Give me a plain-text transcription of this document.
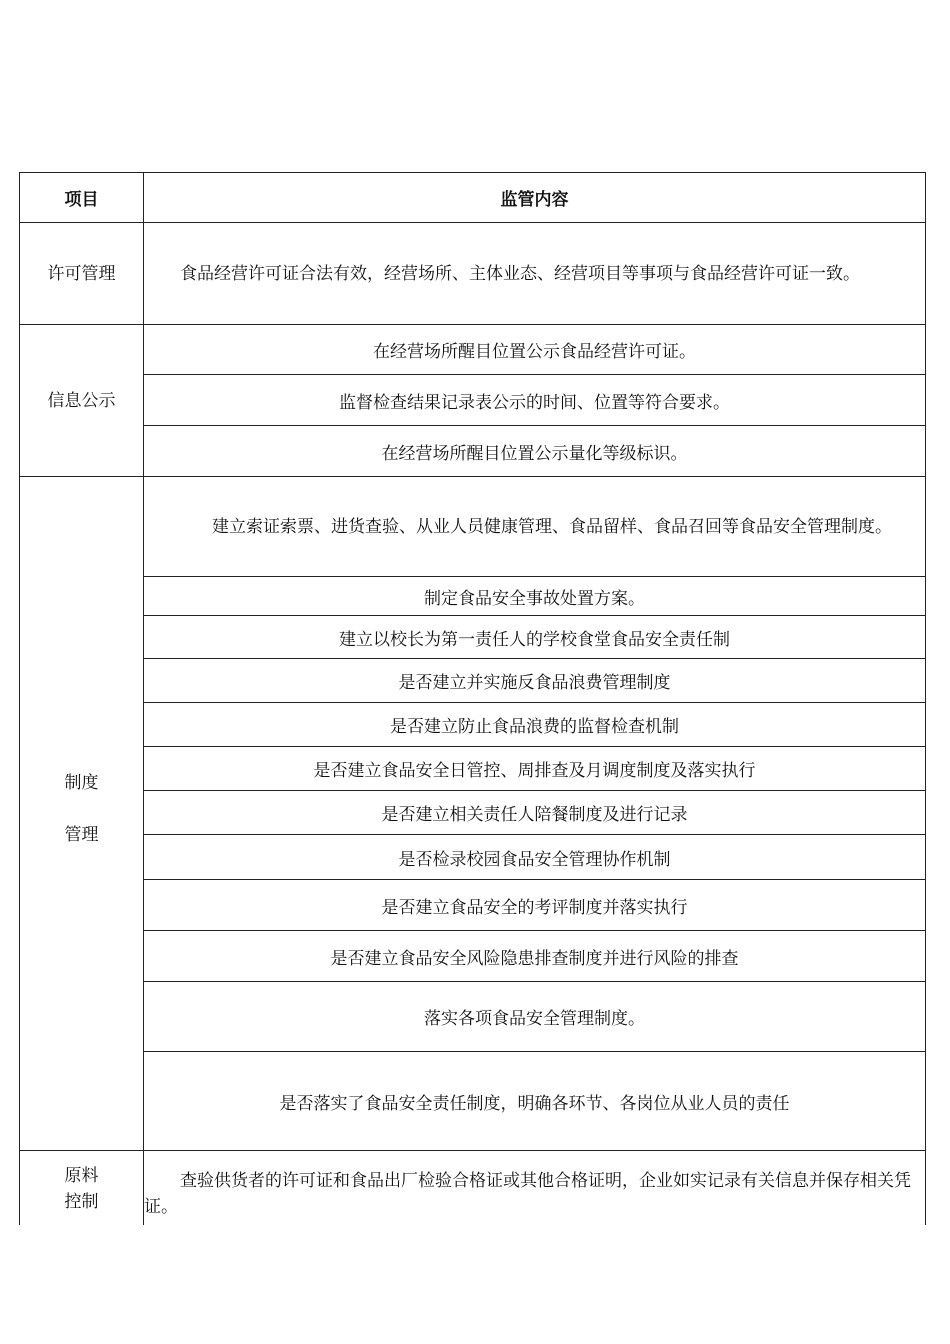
项目	监管内容
许可管理	食品经营许可证合法有效，经营场所、主体业态、经营项目等事项与食品经营许可证一致。
信息公示	在经营场所醒目位置公示食品经营许可证。
	监督检查结果记录表公示的时间、位置等符合要求。
	在经营场所醒目位置公示量化等级标识。
制度

管理	建立索证索票、进货查验、从业人员健康管理、食品留样、食品召回等食品安全管理制度。
	制定食品安全事故处置方案。
	建立以校长为第一责任人的学校食堂食品安全责任制
	是否建立并实施反食品浪费管理制度
	是否建立防止食品浪费的监督检查机制
	是否建立食品安全日管控、周排查及月调度制度及落实执行
	是否建立相关责任人陪餐制度及进行记录
	是否检录校园食品安全管理协作机制
	是否建立食品安全的考评制度并落实执行
	是否建立食品安全风险隐患排查制度并进行风险的排查
	落实各项食品安全管理制度。
	是否落实了食品安全责任制度，明确各环节、各岗位从业人员的责任
原料
控制	查验供货者的许可证和食品出厂检验合格证或其他合格证明，企业如实记录有关信息并保存相关凭证。
